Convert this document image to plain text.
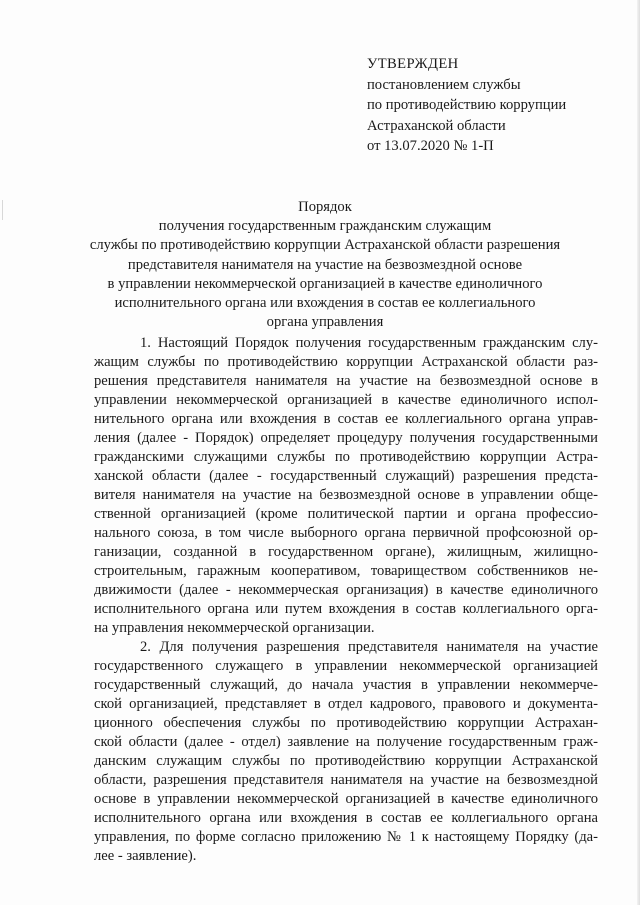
УТВЕРЖДЕН
постановлением службы
по противодействию коррупции
Астраханской области
от 13.07.2020 № 1-П
Порядок
получения государственным гражданским служащим
службы по противодействию коррупции Астраханской области разрешения
представителя нанимателя на участие на безвозмездной основе
в управлении некоммерческой организацией в качестве единоличного
исполнительного органа или вхождения в состав ее коллегиального
органа управления
1. Настоящий Порядок получения государственным гражданским слу-
жащим службы по противодействию коррупции Астраханской области раз-
решения представителя нанимателя на участие на безвозмездной основе в
управлении некоммерческой организацией в качестве единоличного испол-
нительного органа или вхождения в состав ее коллегиального органа управ-
ления (далее - Порядок) определяет процедуру получения государственными
гражданскими служащими службы по противодействию коррупции Астра-
ханской области (далее - государственный служащий) разрешения предста-
вителя нанимателя на участие на безвозмездной основе в управлении обще-
ственной организацией (кроме политической партии и органа профессио-
нального союза, в том числе выборного органа первичной профсоюзной ор-
ганизации, созданной в государственном органе), жилищным, жилищно-
строительным, гаражным кооперативом, товариществом собственников не-
движимости (далее - некоммерческая организация) в качестве единоличного
исполнительного органа или путем вхождения в состав коллегиального орга-
на управления некоммерческой организации.
2. Для получения разрешения представителя нанимателя на участие
государственного служащего в управлении некоммерческой организацией
государственный служащий, до начала участия в управлении некоммерче-
ской организацией, представляет в отдел кадрового, правового и документа-
ционного обеспечения службы по противодействию коррупции Астрахан-
ской области (далее - отдел) заявление на получение государственным граж-
данским служащим службы по противодействию коррупции Астраханской
области, разрешения представителя нанимателя на участие на безвозмездной
основе в управлении некоммерческой организацией в качестве единоличного
исполнительного органа или вхождения в состав ее коллегиального органа
управления, по форме согласно приложению № 1 к настоящему Порядку (да-
лее - заявление).
